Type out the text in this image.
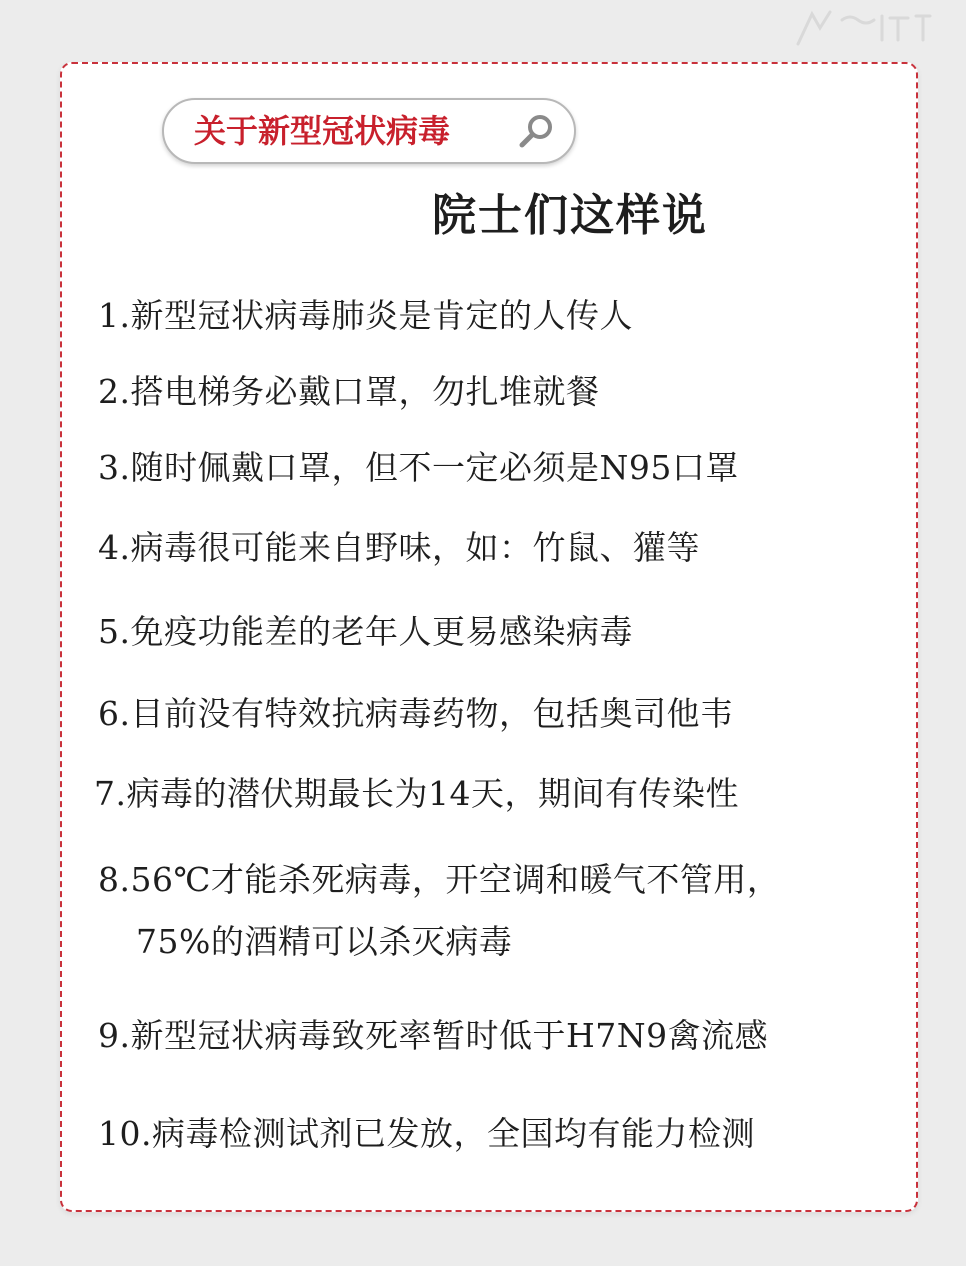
关于新型冠状病毒
院士们这样说
1.新型冠状病毒肺炎是肯定的人传人
2.搭电梯务必戴口罩，勿扎堆就餐
3.随时佩戴口罩，但不一定必须是N95口罩
4.病毒很可能来自野味，如：竹鼠、獾等
5.免疫功能差的老年人更易感染病毒
6.目前没有特效抗病毒药物，包括奥司他韦
7.病毒的潜伏期最长为14天，期间有传染性
8.56℃才能杀死病毒，开空调和暖气不管用，
75%的酒精可以杀灭病毒
9.新型冠状病毒致死率暂时低于H7N9禽流感
10.病毒检测试剂已发放，全国均有能力检测
